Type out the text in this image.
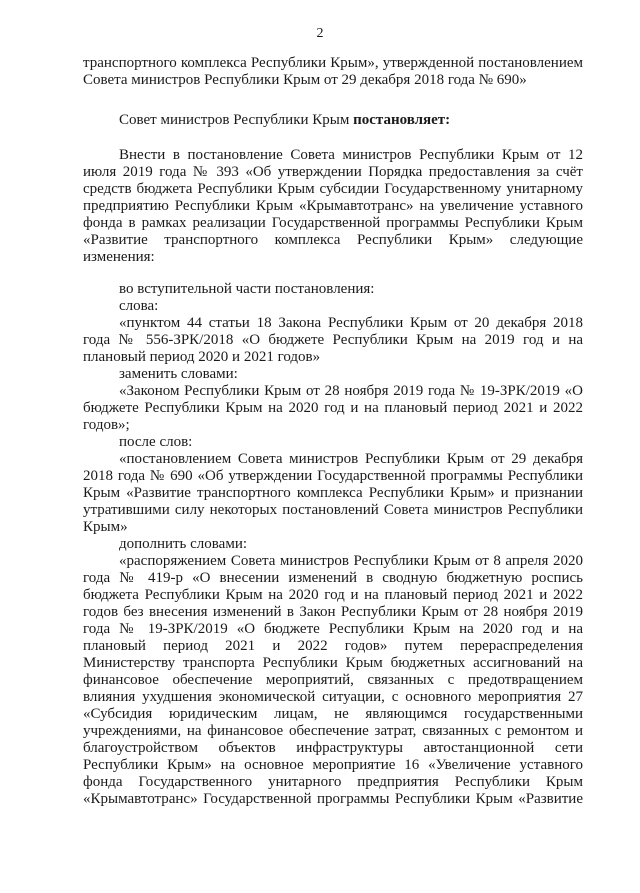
2

транспортного комплекса Республики Крым», утвержденной постановлением

Совета министров Республики Крым от 29 декабря 2018 года № 690»

Совет министров Республики Крым постановляет:

Внести в постановление Совета министров Республики Крым от 12 июля 2019 года № 393 «Об утверждении Порядка предоставления за счёт средств бюджета Республики Крым субсидии Государственному унитарному предприятию Республики Крым «Крымавтотранс» на увеличение уставного фонда в рамках реализации Государственной программы Республики Крым «Развитие транспортного комплекса Республики Крым» следующие изменения:

во вступительной части постановления:

слова:

«пунктом 44 статьи 18 Закона Республики Крым от 20 декабря 2018 года № 556-ЗРК/2018 «О бюджете Республики Крым на 2019 год и на плановый период 2020 и 2021 годов»

заменить словами:

«Законом Республики Крым от 28 ноября 2019 года № 19-ЗРК/2019 «О бюджете Республики Крым на 2020 год и на плановый период 2021 и 2022 годов»;

после слов:

«постановлением Совета министров Республики Крым от 29 декабря 2018 года № 690 «Об утверждении Государственной программы Республики Крым «Развитие транспортного комплекса Республики Крым» и признании утратившими силу некоторых постановлений Совета министров Республики Крым»

дополнить словами:

«распоряжением Совета министров Республики Крым от 8 апреля 2020 года № 419-р «О внесении изменений в сводную бюджетную роспись бюджета Республики Крым на 2020 год и на плановый период 2021 и 2022 годов без внесения изменений в Закон Республики Крым от 28 ноября 2019 года № 19-ЗРК/2019 «О бюджете Республики Крым на 2020 год и на плановый период 2021 и 2022 годов» путем перераспределения Министерству транспорта Республики Крым бюджетных ассигнований на финансовое обеспечение мероприятий, связанных с предотвращением влияния ухудшения экономической ситуации, с основного мероприятия 27 «Субсидия юридическим лицам, не являющимся государственными учреждениями, на финансовое обеспечение затрат, связанных с ремонтом и благоустройством объектов инфраструктуры автостанционной сети Республики Крым» на основное мероприятие 16 «Увеличение уставного фонда Государственного унитарного предприятия Республики Крым «Крымавтотранс» Государственной программы Республики Крым «Развитие
